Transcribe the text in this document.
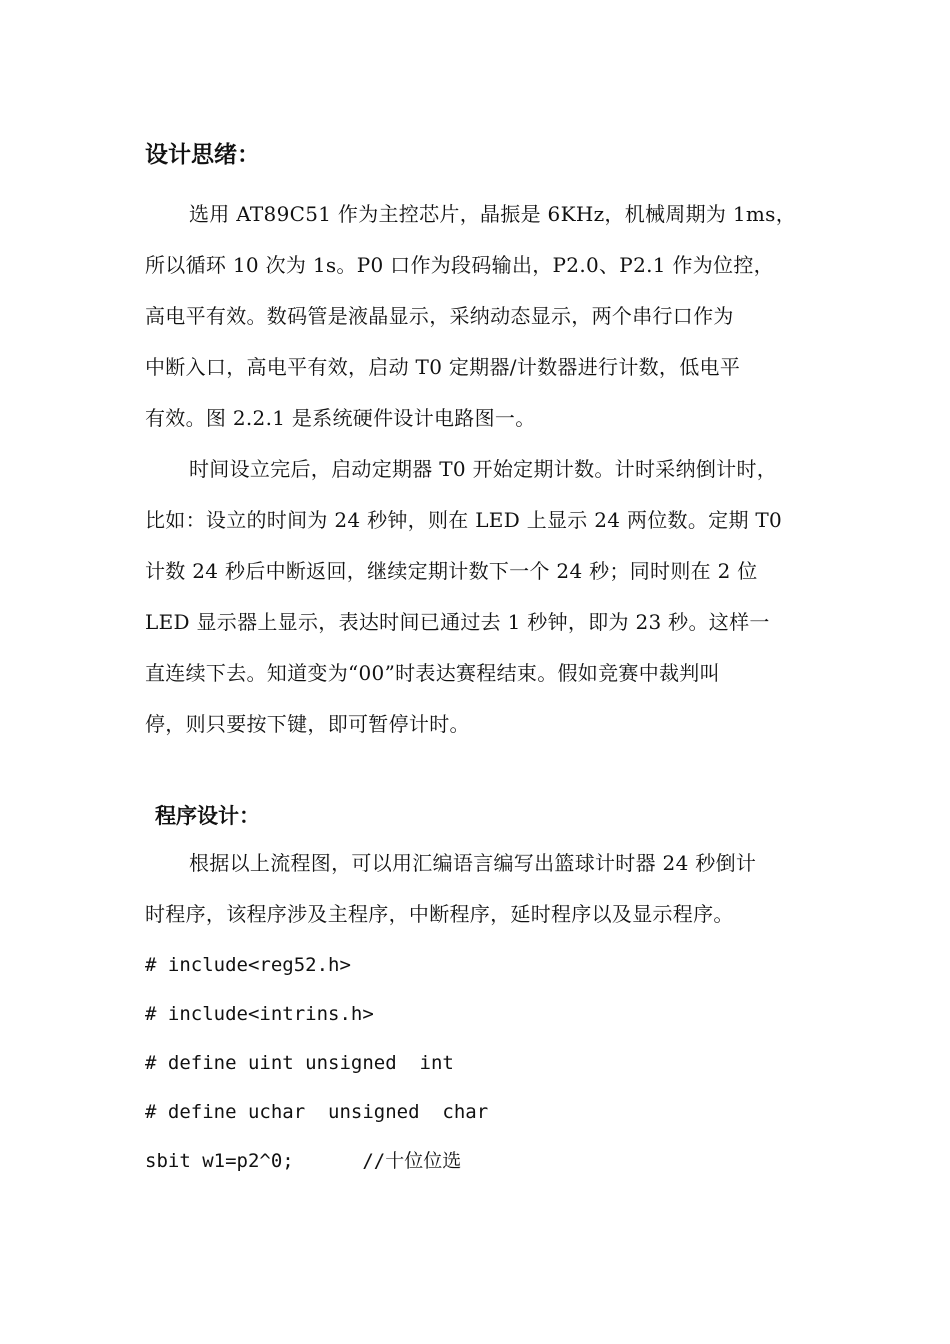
设计思绪：
选用 AT89C51 作为主控芯片，晶振是 6KHz，机械周期为 1ms，
所以循环 10 次为 1s。P0 口作为段码输出，P2.0、P2.1 作为位控，
高电平有效。数码管是液晶显示，采纳动态显示，两个串行口作为
中断入口，高电平有效，启动 T0 定期器/计数器进行计数，低电平
有效。图 2.2.1 是系统硬件设计电路图一。
时间设立完后，启动定期器 T0 开始定期计数。计时采纳倒计时，
比如：设立的时间为 24 秒钟，则在 LED 上显示 24 两位数。定期 T0
计数 24 秒后中断返回，继续定期计数下一个 24 秒；同时则在 2 位
LED 显示器上显示，表达时间已通过去 1 秒钟，即为 23 秒。这样一
直连续下去。知道变为“00”时表达赛程结束。假如竞赛中裁判叫
停，则只要按下键，即可暂停计时。
程序设计：
根据以上流程图，可以用汇编语言编写出篮球计时器 24 秒倒计
时程序，该程序涉及主程序，中断程序，延时程序以及显示程序。
# include<reg52.h>
# include<intrins.h>
# define uint unsigned  int
# define uchar  unsigned  char
sbit w1=p2^0;      //十位位选
